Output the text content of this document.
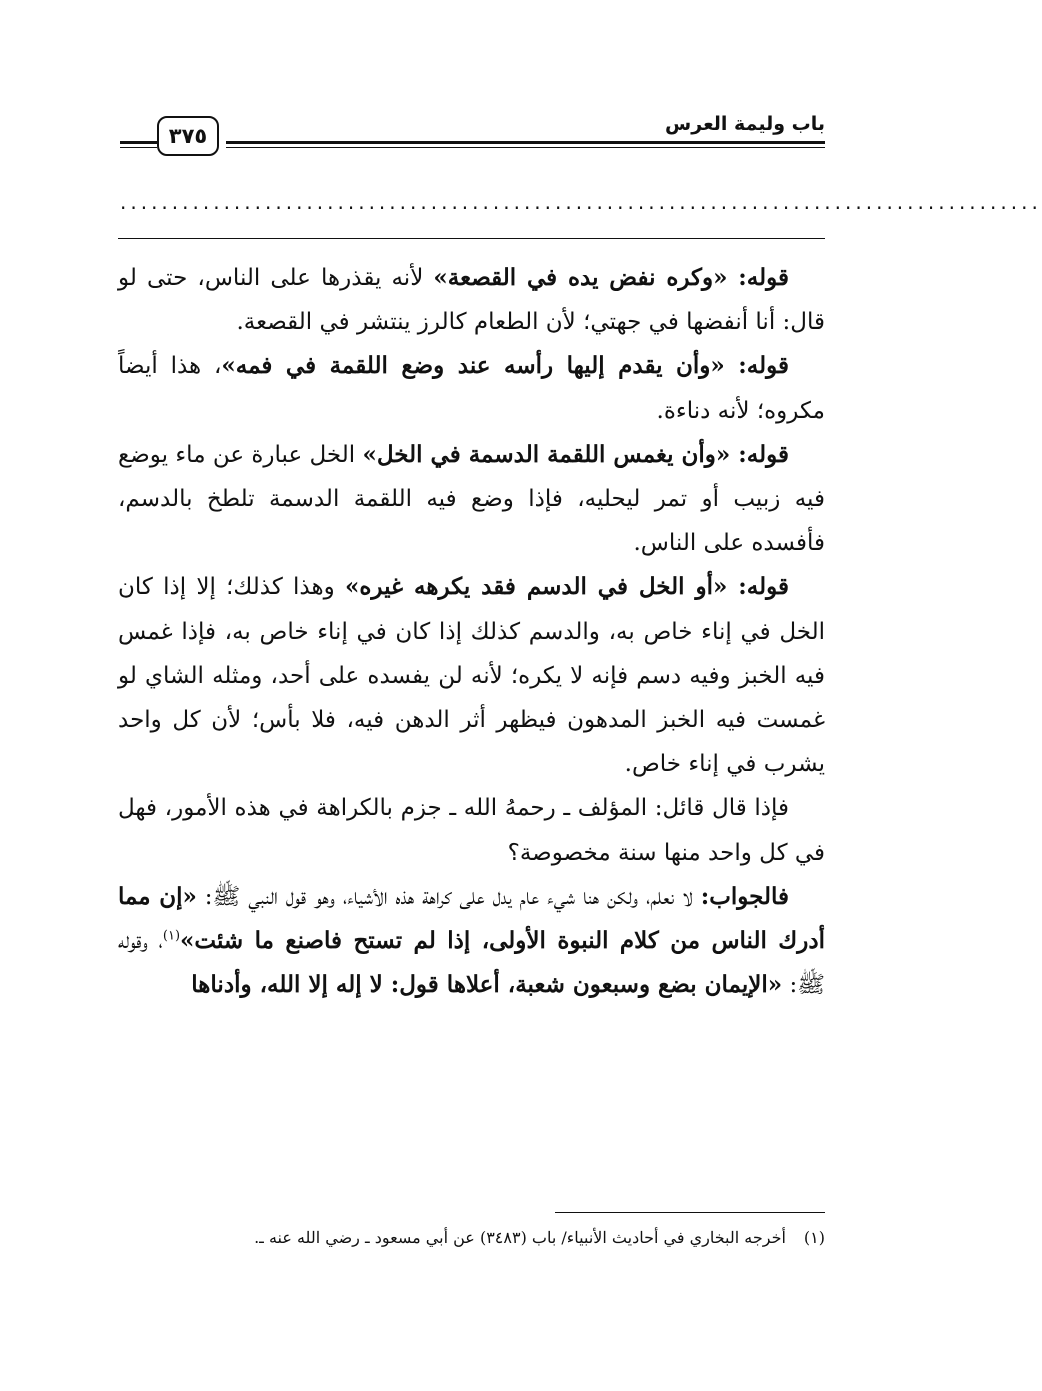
باب وليمة العرس
٣٧٥
.........................................................................................

قوله: «وكره نفض يده في القصعة» لأنه يقذرها على الناس، حتى لو قال: أنا أنفضها في جهتي؛ لأن الطعام كالرز ينتشر في القصعة.

قوله: «وأن يقدم إليها رأسه عند وضع اللقمة في فمه»، هذا أيضاً مكروه؛ لأنه دناءة.

قوله: «وأن يغمس اللقمة الدسمة في الخل» الخل عبارة عن ماء يوضع فيه زبيب أو تمر ليحليه، فإذا وضع فيه اللقمة الدسمة تلطخ بالدسم، فأفسده على الناس.

قوله: «أو الخل في الدسم فقد يكرهه غيره» وهذا كذلك؛ إلا إذا كان الخل في إناء خاص به، والدسم كذلك إذا كان في إناء خاص به، فإذا غمس فيه الخبز وفيه دسم فإنه لا يكره؛ لأنه لن يفسده على أحد، ومثله الشاي لو غمست فيه الخبز المدهون فيظهر أثر الدهن فيه، فلا بأس؛ لأن كل واحد يشرب في إناء خاص.

فإذا قال قائل: المؤلف ـ رحمهُ الله ـ جزم بالكراهة في هذه الأمور، فهل في كل واحد منها سنة مخصوصة؟

فالجواب: لا نعلم، ولكن هنا شيء عام يدل على كراهة هذه الأشياء، وهو قول النبي ﷺ: «إن مما أدرك الناس من كلام النبوة الأولى، إذا لم تستح فاصنع ما شئت»$^{(١)}$، وقوله ﷺ: «الإيمان بضع وسبعون شعبة، أعلاها قول: لا إله إلا الله، وأدناها

(١)أخرجه البخاري في أحاديث الأنبياء/ باب (٣٤٨٣) عن أبي مسعود ـ رضي الله عنه ـ.
